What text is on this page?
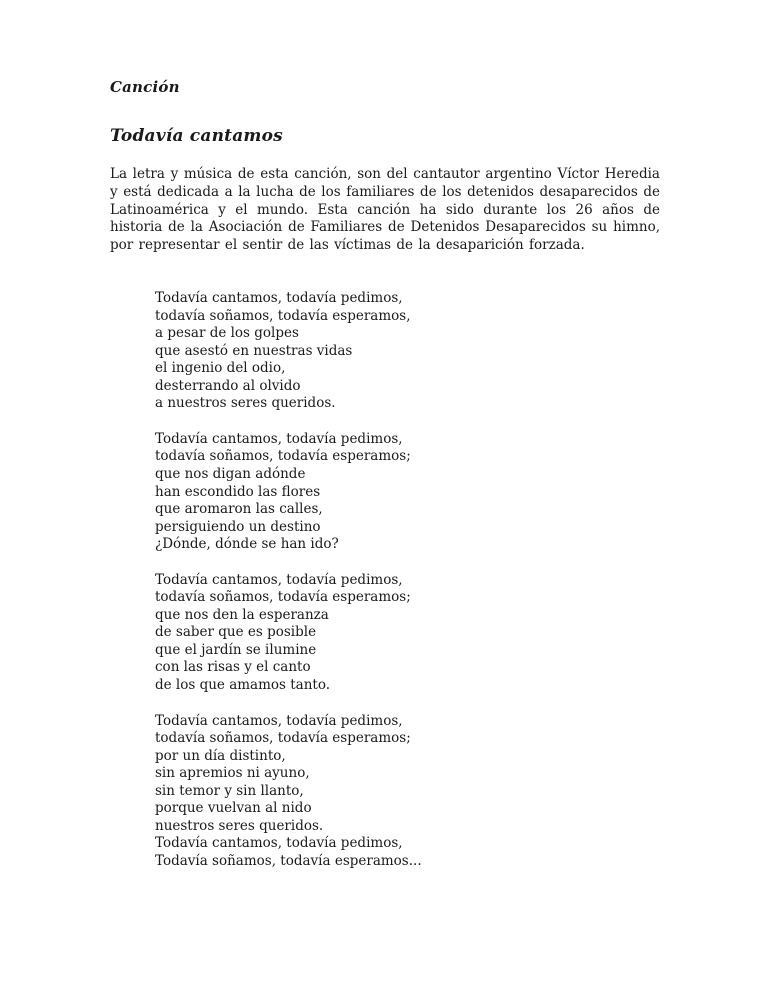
Canción
Todavía cantamos

La letra y música de esta canción, son del cantautor argentino Víctor Heredia y está dedicada a la lucha de los familiares de los detenidos desaparecidos de Latinoamérica y el mundo. Esta canción ha sido durante los 26 años de historia de la Asociación de Familiares de Detenidos Desaparecidos su himno, por representar el sentir de las víctimas de la desaparición forzada.

Todavía cantamos, todavía pedimos,
todavía soñamos, todavía esperamos,
a pesar de los golpes
que asestó en nuestras vidas
el ingenio del odio,
desterrando al olvido
a nuestros seres queridos.
Todavía cantamos, todavía pedimos,
todavía soñamos, todavía esperamos;
que nos digan adónde
han escondido las flores
que aromaron las calles,
persiguiendo un destino
¿Dónde, dónde se han ido?
Todavía cantamos, todavía pedimos,
todavía soñamos, todavía esperamos;
que nos den la esperanza
de saber que es posible
que el jardín se ilumine
con las risas y el canto
de los que amamos tanto.
Todavía cantamos, todavía pedimos,
todavía soñamos, todavía esperamos;
por un día distinto,
sin apremios ni ayuno,
sin temor y sin llanto,
porque vuelvan al nido
nuestros seres queridos.
Todavía cantamos, todavía pedimos,
Todavía soñamos, todavía esperamos...
